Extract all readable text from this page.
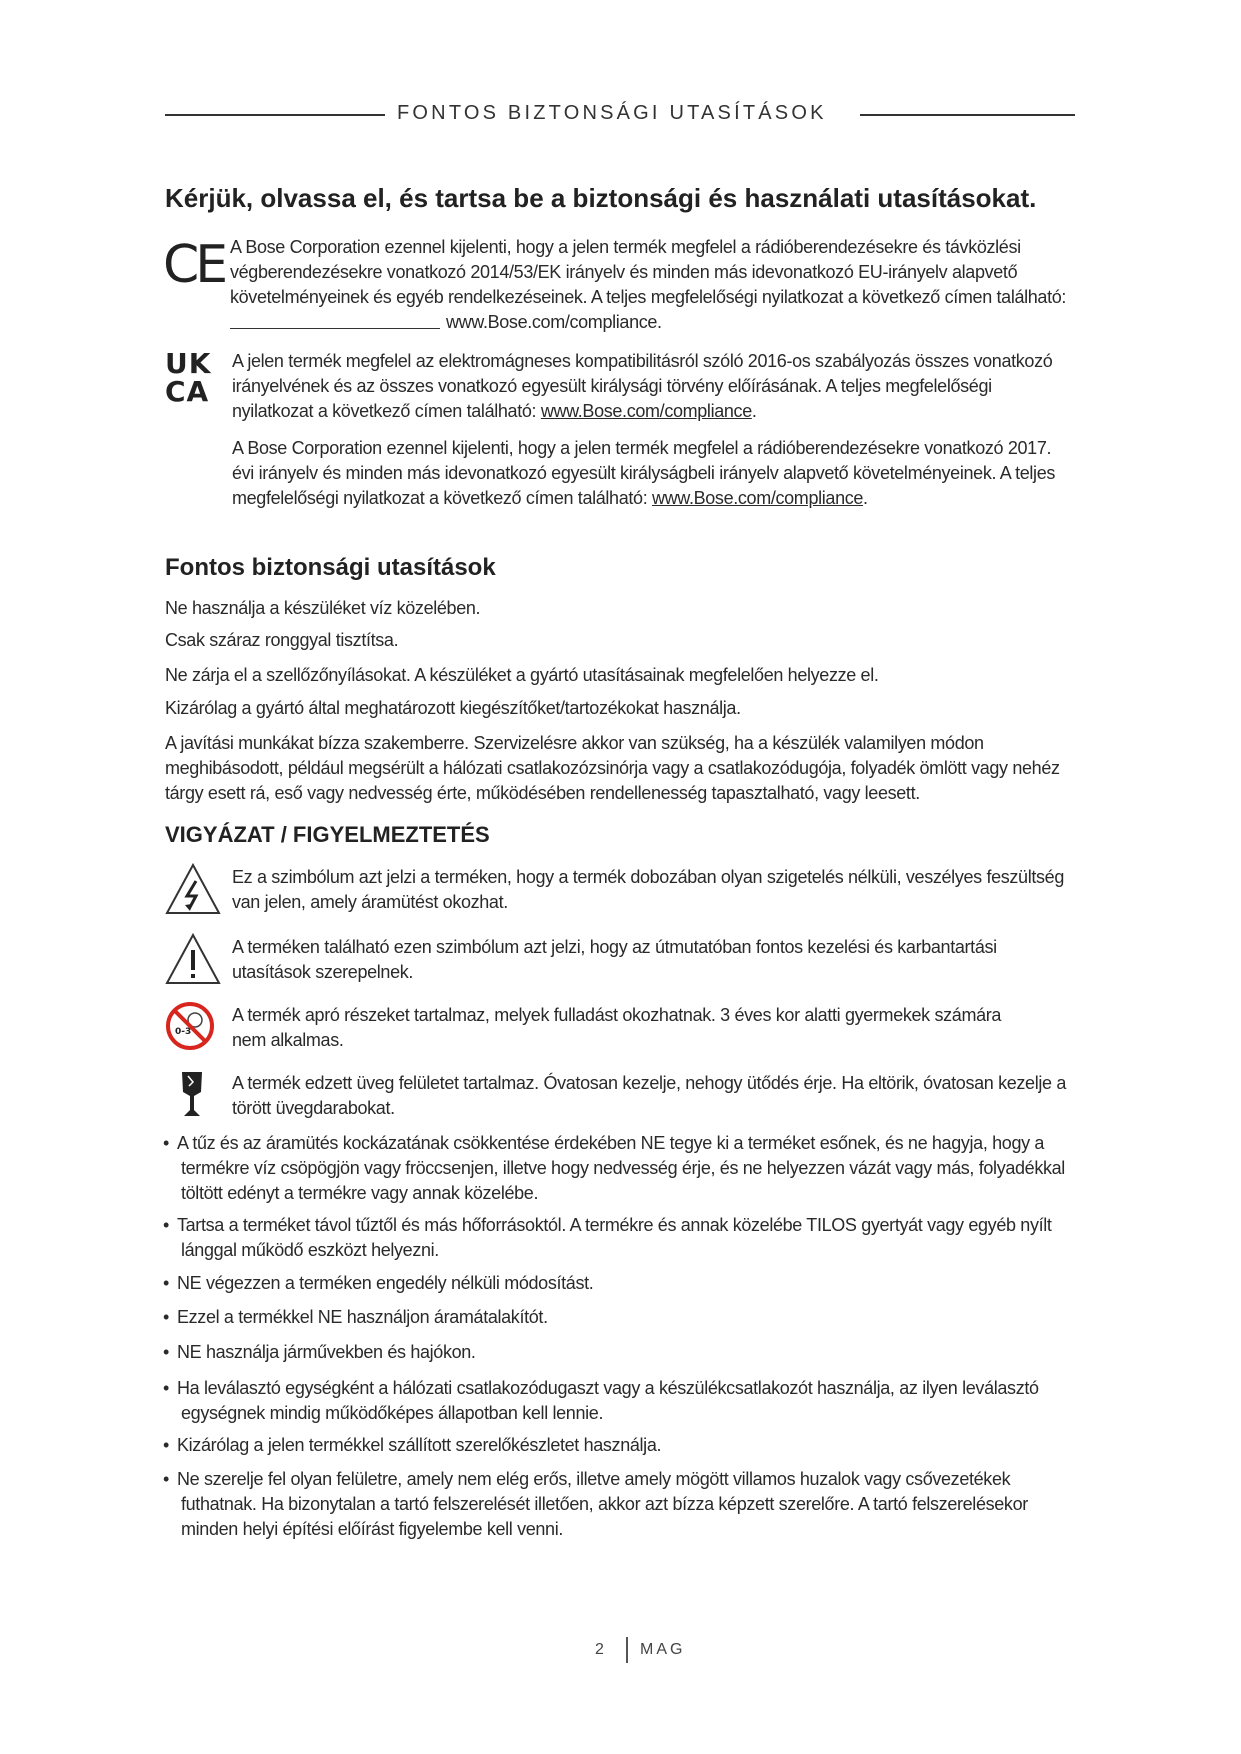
FONTOS BIZTONSÁGI UTASÍTÁSOK
Kérjük, olvassa el, és tartsa be a biztonsági és használati utasításokat.
CE A Bose Corporation ezennel kijelenti, hogy a jelen termék megfelel a rádióberendezésekre és távközlési
végberendezésekre vonatkozó 2014/53/EK irányelv és minden más idevonatkozó EU-irányelv alapvető
követelményeinek és egyéb rendelkezéseinek. A teljes megfelelőségi nyilatkozat a következő címen található:
www.Bose.com/compliance.
UK
CA
A jelen termék megfelel az elektromágneses kompatibilitásról szóló 2016-os szabályozás összes vonatkozó
irányelvének és az összes vonatkozó egyesült királysági törvény előírásának. A teljes megfelelőségi
nyilatkozat a következő címen található: www.Bose.com/compliance.
A Bose Corporation ezennel kijelenti, hogy a jelen termék megfelel a rádióberendezésekre vonatkozó 2017.
évi irányelv és minden más idevonatkozó egyesült királyságbeli irányelv alapvető követelményeinek. A teljes
megfelelőségi nyilatkozat a következő címen található: www.Bose.com/compliance.
Fontos biztonsági utasítások
Ne használja a készüléket víz közelében.
Csak száraz ronggyal tisztítsa.
Ne zárja el a szellőzőnyílásokat. A készüléket a gyártó utasításainak megfelelően helyezze el.
Kizárólag a gyártó által meghatározott kiegészítőket/tartozékokat használja.
A javítási munkákat bízza szakemberre. Szervizelésre akkor van szükség, ha a készülék valamilyen módon
meghibásodott, például megsérült a hálózati csatlakozózsinórja vagy a csatlakozódugója, folyadék ömlött vagy nehéz
tárgy esett rá, eső vagy nedvesség érte, működésében rendellenesség tapasztalható, vagy leesett.
VIGYÁZAT / FIGYELMEZTETÉS
Ez a szimbólum azt jelzi a terméken, hogy a termék dobozában olyan szigetelés nélküli, veszélyes feszültség
van jelen, amely áramütést okozhat.
A terméken található ezen szimbólum azt jelzi, hogy az útmutatóban fontos kezelési és karbantartási
utasítások szerepelnek.
0-3
A termék apró részeket tartalmaz, melyek fulladást okozhatnak. 3 éves kor alatti gyermekek számára
nem alkalmas.
A termék edzett üveg felületet tartalmaz. Óvatosan kezelje, nehogy ütődés érje. Ha eltörik, óvatosan kezelje a
törött üvegdarabokat.
• A tűz és az áramütés kockázatának csökkentése érdekében NE tegye ki a terméket esőnek, és ne hagyja, hogy a
termékre víz csöpögjön vagy fröccsenjen, illetve hogy nedvesség érje, és ne helyezzen vázát vagy más, folyadékkal
töltött edényt a termékre vagy annak közelébe.
• Tartsa a terméket távol tűztől és más hőforrásoktól. A termékre és annak közelébe TILOS gyertyát vagy egyéb nyílt
lánggal működő eszközt helyezni.
• NE végezzen a terméken engedély nélküli módosítást.
• Ezzel a termékkel NE használjon áramátalakítót.
• NE használja járművekben és hajókon.
• Ha leválasztó egységként a hálózati csatlakozódugaszt vagy a készülékcsatlakozót használja, az ilyen leválasztó
egységnek mindig működőképes állapotban kell lennie.
• Kizárólag a jelen termékkel szállított szerelőkészletet használja.
• Ne szerelje fel olyan felületre, amely nem elég erős, illetve amely mögött villamos huzalok vagy csővezetékek
futhatnak. Ha bizonytalan a tartó felszerelését illetően, akkor azt bízza képzett szerelőre. A tartó felszerelésekor
minden helyi építési előírást figyelembe kell venni.
2 MAG
